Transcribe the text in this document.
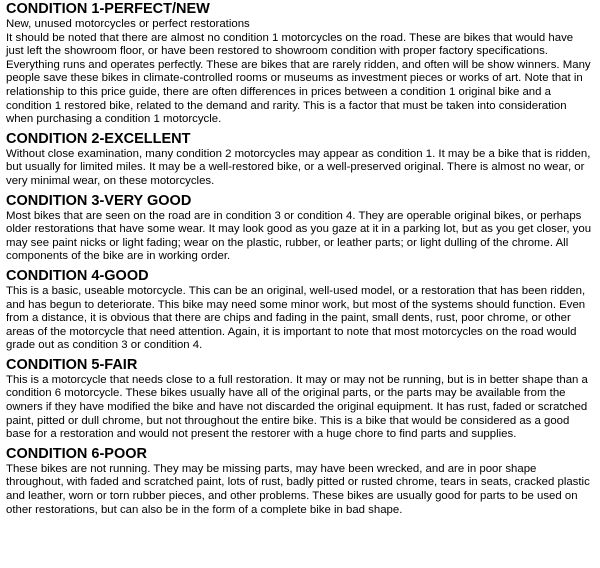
CONDITION 1-PERFECT/NEW
New, unused motorcycles or perfect restorations
It should be noted that there are almost no condition 1 motorcycles on the road. These are bikes that would have just left the showroom floor, or have been restored to showroom condition with proper factory specifications. Everything runs and operates perfectly. These are bikes that are rarely ridden, and often will be show winners. Many people save these bikes in climate-controlled rooms or museums as investment pieces or works of art. Note that in relationship to this price guide, there are often differences in prices between a condition 1 original bike and a condition 1 restored bike, related to the demand and rarity. This is a factor that must be taken into consideration when purchasing a condition 1 motorcycle.
CONDITION 2-EXCELLENT
Without close examination, many condition 2 motorcycles may appear as condition 1. It may be a bike that is ridden, but usually for limited miles. It may be a well-restored bike, or a well-preserved original. There is almost no wear, or very minimal wear, on these motorcycles.
CONDITION 3-VERY GOOD
Most bikes that are seen on the road are in condition 3 or condition 4. They are operable original bikes, or perhaps older restorations that have some wear. It may look good as you gaze at it in a parking lot, but as you get closer, you may see paint nicks or light fading; wear on the plastic, rubber, or leather parts; or light dulling of the chrome. All components of the bike are in working order.
CONDITION 4-GOOD
This is a basic, useable motorcycle. This can be an original, well-used model, or a restoration that has been ridden, and has begun to deteriorate. This bike may need some minor work, but most of the systems should function. Even from a distance, it is obvious that there are chips and fading in the paint, small dents, rust, poor chrome, or other areas of the motorcycle that need attention. Again, it is important to note that most motorcycles on the road would grade out as condition 3 or condition 4.
CONDITION 5-FAIR
This is a motorcycle that needs close to a full restoration. It may or may not be running, but is in better shape than a condition 6 motorcycle. These bikes usually have all of the original parts, or the parts may be available from the owners if they have modified the bike and have not discarded the original equipment. It has rust, faded or scratched paint, pitted or dull chrome, but not throughout the entire bike. This is a bike that would be considered as a good base for a restoration and would not present the restorer with a huge chore to find parts and supplies.
CONDITION 6-POOR
These bikes are not running. They may be missing parts, may have been wrecked, and are in poor shape throughout, with faded and scratched paint, lots of rust, badly pitted or rusted chrome, tears in seats, cracked plastic and leather, worn or torn rubber pieces, and other problems. These bikes are usually good for parts to be used on other restorations, but can also be in the form of a complete bike in bad shape.
